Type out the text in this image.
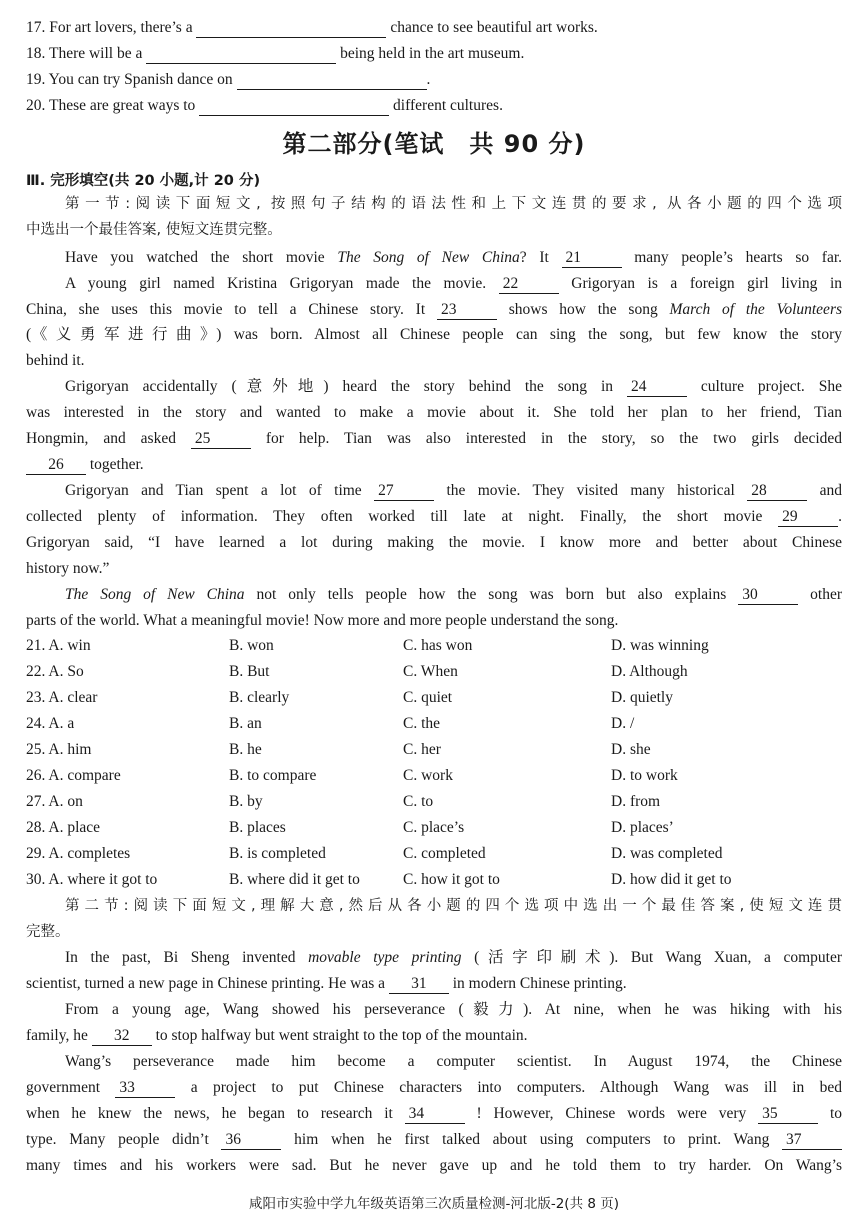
17. For art lovers, there’s a	chance to see beautiful art works.
18. There will be a	being held in the art museum.
19. You can try Spanish dance on	.
20. These are great ways to	different cultures.
第二部分(笔试　共 90 分)
Ⅲ. 完形填空(共 20 小题,计 20 分)
第一节:阅读下面短文, 按照句子结构的语法性和上下文连贯的要求, 从各小题的四个选项
中选出一个最佳答案, 使短文连贯完整。
Have you watched the short movie The Song of New China? It 21	many people’s hearts so far.
A young girl named Kristina Grigoryan made the movie. 22	Grigoryan is a foreign girl living in
China, she uses this movie to tell a Chinese story. It 23	shows how the song March of the Volunteers
(《义勇军进行曲》) was born. Almost all Chinese people can sing the song, but few know the story
behind it.
Grigoryan accidentally (意外地) heard the story behind the song in 24	culture project. She
was interested in the story and wanted to make a movie about it. She told her plan to her friend, Tian
Hongmin, and asked 25	for help. Tian was also interested in the story, so the two girls decided
26 together.
Grigoryan and Tian spent a lot of time 27	the movie. They visited many historical 28	and
collected plenty of information. They often worked till late at night. Finally, the short movie 29	.
Grigoryan said, “I have learned a lot during making the movie. I know more and better about Chinese
history now.”
The Song of New China not only tells people how the song was born but also explains 30	other
parts of the world. What a meaningful movie! Now more and more people understand the song.
21. A. win	B. won	C. has won	D. was winning
22. A. So	B. But	C. When	D. Although
23. A. clear	B. clearly	C. quiet	D. quietly
24. A. a	B. an	C. the	D. /
25. A. him	B. he	C. her	D. she
26. A. compare	B. to compare	C. work	D. to work
27. A. on	B. by	C. to	D. from
28. A. place	B. places	C. place’s	D. places’
29. A. completes	B. is completed	C. completed	D. was completed
30. A. where it got to	B. where did it get to	C. how it got to	D. how did it get to
第二节:阅读下面短文,理解大意,然后从各小题的四个选项中选出一个最佳答案,使短文连贯
完整。
In the past, Bi Sheng invented movable type printing (活字印刷术). But Wang Xuan, a computer
scientist, turned a new page in Chinese printing. He was a 31 in modern Chinese printing.
From a young age, Wang showed his perseverance (毅力). At nine, when he was hiking with his
family, he 32 to stop halfway but went straight to the top of the mountain.
Wang’s perseverance made him become a computer scientist. In August 1974, the Chinese
government 33	a project to put Chinese characters into computers. Although Wang was ill in bed
when he knew the news, he began to research it 34	! However, Chinese words were very 35	to
type. Many people didn’t 36	him when he first talked about using computers to print. Wang 37
many times and his workers were sad. But he never gave up and he told them to try harder. On Wang’s
咸阳市实验中学九年级英语第三次质量检测-河北版-2(共 8 页)
